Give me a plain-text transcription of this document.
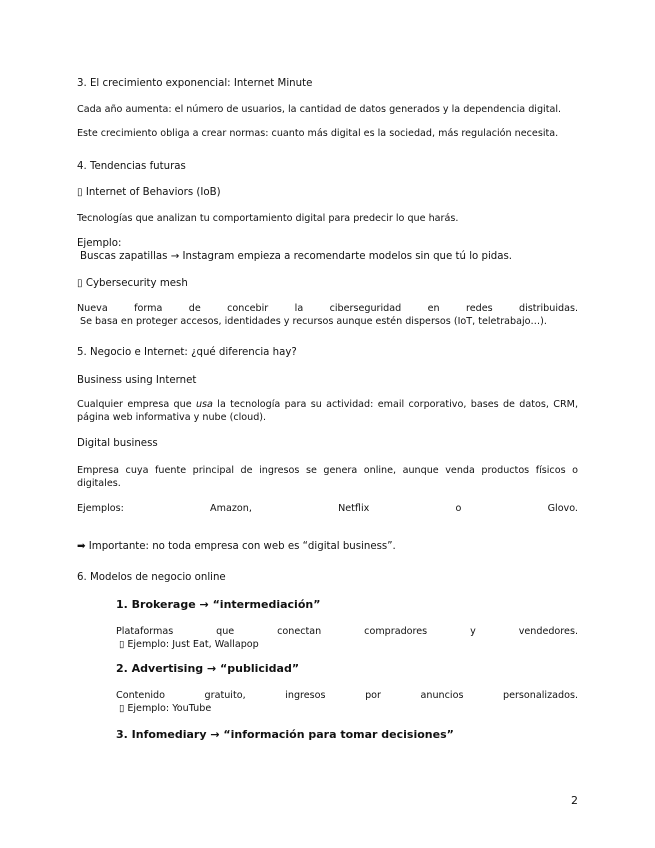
3. El crecimiento exponencial: Internet Minute

Cada año aumenta: el número de usuarios, la cantidad de datos generados y la dependencia digital.

Este crecimiento obliga a crear normas: cuanto más digital es la sociedad, más regulación necesita.

4. Tendencias futuras

▯ Internet of Behaviors (IoB)

Tecnologías que analizan tu comportamiento digital para predecir lo que harás.

Ejemplo:

Buscas zapatillas → Instagram empieza a recomendarte modelos sin que tú lo pidas.

▯ Cybersecurity mesh

Nueva forma de concebir la ciberseguridad en redes distribuidas.

Se basa en proteger accesos, identidades y recursos aunque estén dispersos (IoT, teletrabajo…).

5. Negocio e Internet: ¿qué diferencia hay?

Business using Internet

Cualquier empresa que usa la tecnología para su actividad: email corporativo, bases de datos, CRM, página web informativa y nube (cloud).

Digital business

Empresa cuya fuente principal de ingresos se genera online, aunque venda productos físicos o digitales.

Ejemplos: Amazon, Netflix o Glovo.

➡ Importante: no toda empresa con web es “digital business”.

6. Modelos de negocio online

1. Brokerage → “intermediación”

Plataformas que conectan compradores y vendedores.

▯ Ejemplo: Just Eat, Wallapop

2. Advertising → “publicidad”

Contenido gratuito, ingresos por anuncios personalizados.

▯ Ejemplo: YouTube

3. Infomediary → “información para tomar decisiones”

2
